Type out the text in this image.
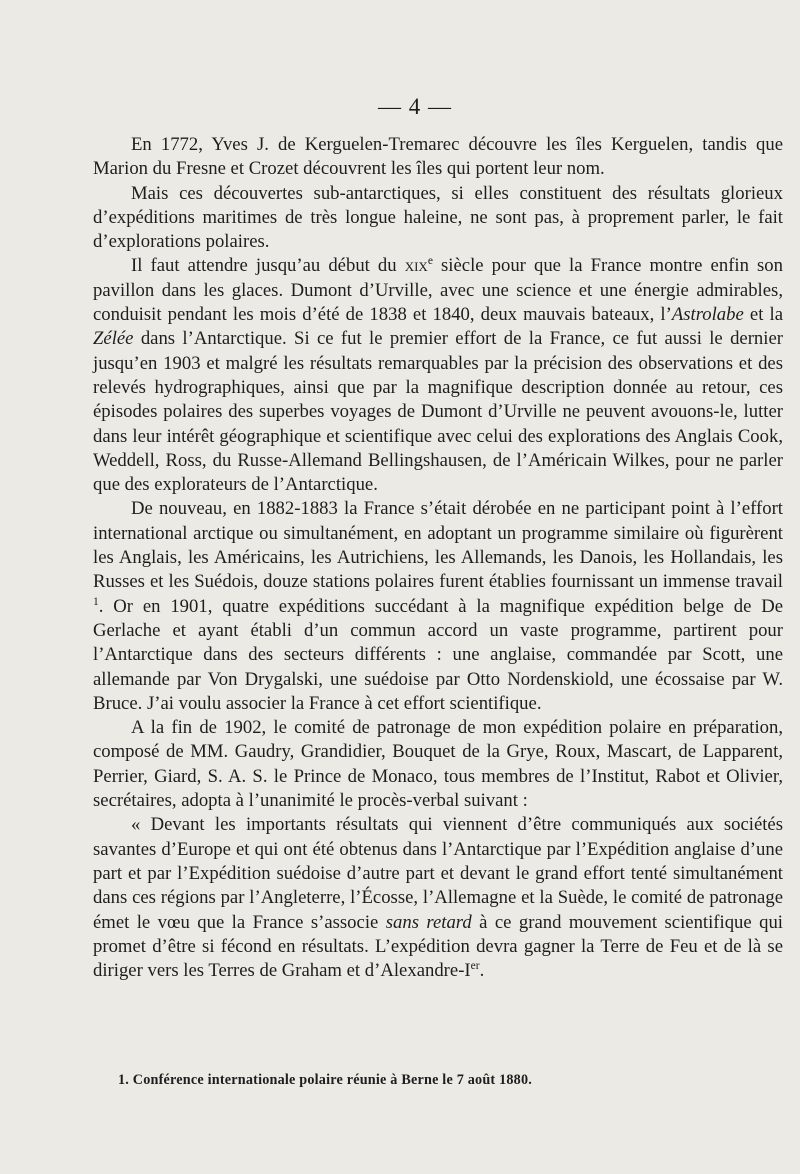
— 4 —

En 1772, Yves J. de Kerguelen-Tremarec découvre les îles Kerguelen, tandis que Marion du Fresne et Crozet découvrent les îles qui portent leur nom.

Mais ces découvertes sub-antarctiques, si elles constituent des résultats glorieux d’expéditions maritimes de très longue haleine, ne sont pas, à proprement parler, le fait d’explorations polaires.

Il faut attendre jusqu’au début du xix$^e$ siècle pour que la France montre enfin son pavillon dans les glaces. Dumont d’Urville, avec une science et une énergie admirables, conduisit pendant les mois d’été de 1838 et 1840, deux mauvais bateaux, l’Astrolabe et la Zélée dans l’Antarctique. Si ce fut le premier effort de la France, ce fut aussi le dernier jusqu’en 1903 et malgré les résultats remarquables par la précision des observations et des relevés hydrographiques, ainsi que par la magnifique description donnée au retour, ces épisodes polaires des superbes voyages de Dumont d’Urville ne peuvent avouons-le, lutter dans leur intérêt géographique et scientifique avec celui des explorations des Anglais Cook, Weddell, Ross, du Russe-Allemand Bellingshausen, de l’Américain Wilkes, pour ne parler que des explorateurs de l’Antarctique.

De nouveau, en 1882-1883 la France s’était dérobée en ne participant point à l’effort international arctique ou simultanément, en adoptant un programme similaire où figurèrent les Anglais, les Américains, les Autrichiens, les Allemands, les Danois, les Hollandais, les Russes et les Suédois, douze stations polaires furent établies fournissant un immense travail $^1$. Or en 1901, quatre expéditions succédant à la magnifique expédition belge de De Gerlache et ayant établi d’un commun accord un vaste programme, partirent pour l’Antarctique dans des secteurs différents : une anglaise, commandée par Scott, une allemande par Von Drygalski, une suédoise par Otto Nordenskiold, une écossaise par W. Bruce. J’ai voulu associer la France à cet effort scientifique.

A la fin de 1902, le comité de patronage de mon expédition polaire en préparation, composé de MM. Gaudry, Grandidier, Bouquet de la Grye, Roux, Mascart, de Lapparent, Perrier, Giard, S. A. S. le Prince de Monaco, tous membres de l’Institut, Rabot et Olivier, secrétaires, adopta à l’unanimité le procès-verbal suivant :

« Devant les importants résultats qui viennent d’être communiqués aux sociétés savantes d’Europe et qui ont été obtenus dans l’Antarctique par l’Expédition anglaise d’une part et par l’Expédition suédoise d’autre part et devant le grand effort tenté simultanément dans ces régions par l’Angleterre, l’Écosse, l’Allemagne et la Suède, le comité de patronage émet le vœu que la France s’associe sans retard à ce grand mouvement scientifique qui promet d’être si fécond en résultats. L’expédition devra gagner la Terre de Feu et de là se diriger vers les Terres de Graham et d’Alexandre-Ier.

1. Conférence internationale polaire réunie à Berne le 7 août 1880.
